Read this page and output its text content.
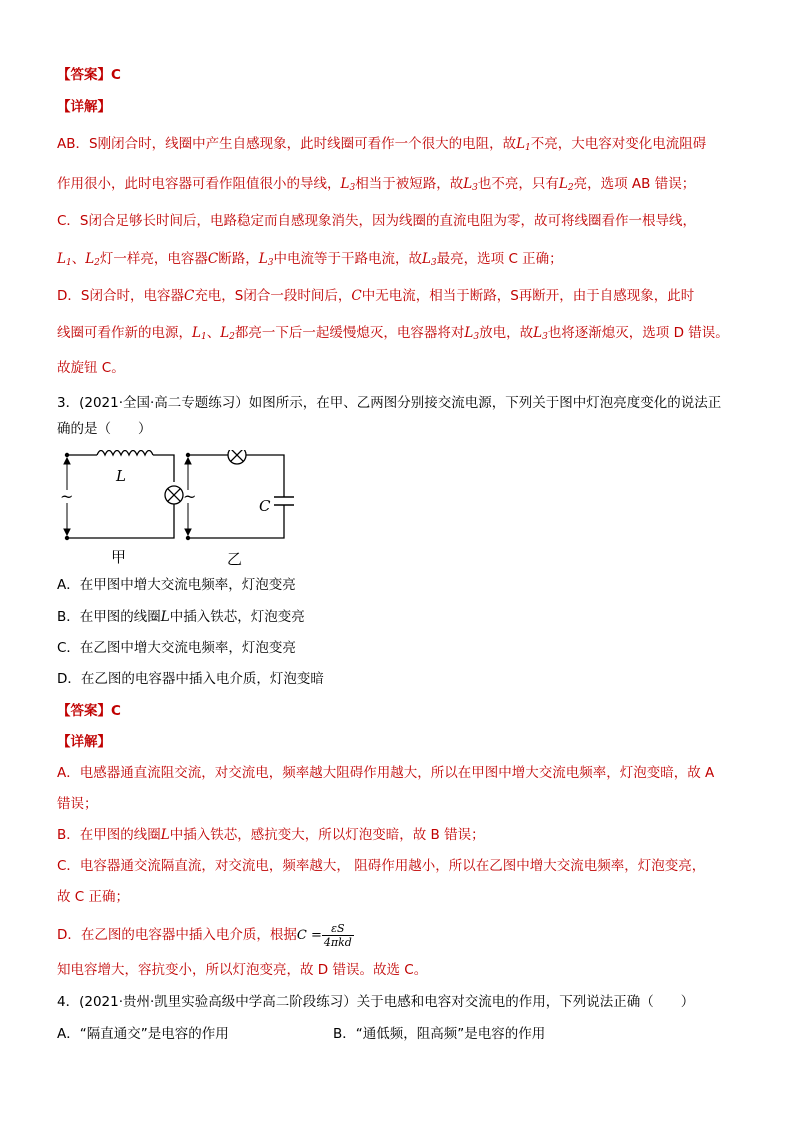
【答案】C
【详解】
AB．S刚闭合时，线圈中产生自感现象，此时线圈可看作一个很大的电阻，故$L_1$不亮，大电容对变化电流阻碍
作用很小，此时电容器可看作阻值很小的导线，$L_3$相当于被短路，故$L_3$也不亮，只有$L_2$亮，选项 AB 错误；
C．S闭合足够长时间后，电路稳定而自感现象消失，因为线圈的直流电阻为零，故可将线圈看作一根导线，
$L_1$、$L_2$灯一样亮，电容器C断路，$L_3$中电流等于干路电流，故$L_3$最亮，选项 C 正确；
D．S闭合时，电容器C充电，S闭合一段时间后，C中无电流，相当于断路，S再断开，由于自感现象，此时
线圈可看作新的电源，$L_1$、$L_2$都亮一下后一起缓慢熄灭，电容器将对$L_3$放电，故$L_3$也将逐渐熄灭，选项 D 错误。
故旋钮 C。
3．(2021·全国·高二专题练习）如图所示，在甲、乙两图分别接交流电源，下列关于图中灯泡亮度变化的说法正
确的是（　　）
~	~
L
C
甲	乙
A．在甲图中增大交流电频率，灯泡变亮
B．在甲图的线圈L中插入铁芯，灯泡变亮
C．在乙图中增大交流电频率，灯泡变亮
D．在乙图的电容器中插入电介质，灯泡变暗
【答案】C
【详解】
A．电感器通直流阻交流，对交流电，频率越大阻碍作用越大，所以在甲图中增大交流电频率，灯泡变暗，故 A
错误；
B．在甲图的线圈L中插入铁芯，感抗变大，所以灯泡变暗，故 B 错误；
C．电容器通交流隔直流，对交流电，频率越大， 阻碍作用越小，所以在乙图中增大交流电频率，灯泡变亮，
故 C 正确；
D．在乙图的电容器中插入电介质，根据$C = \frac{\varepsilon S}{\text{4πkd}}$
知电容增大，容抗变小，所以灯泡变亮，故 D 错误。故选 C。
4．(2021·贵州·凯里实验高级中学高二阶段练习）关于电感和电容对交流电的作用，下列说法正确（　　）
A．“隔直通交”是电容的作用	B．“通低频，阻高频”是电容的作用
